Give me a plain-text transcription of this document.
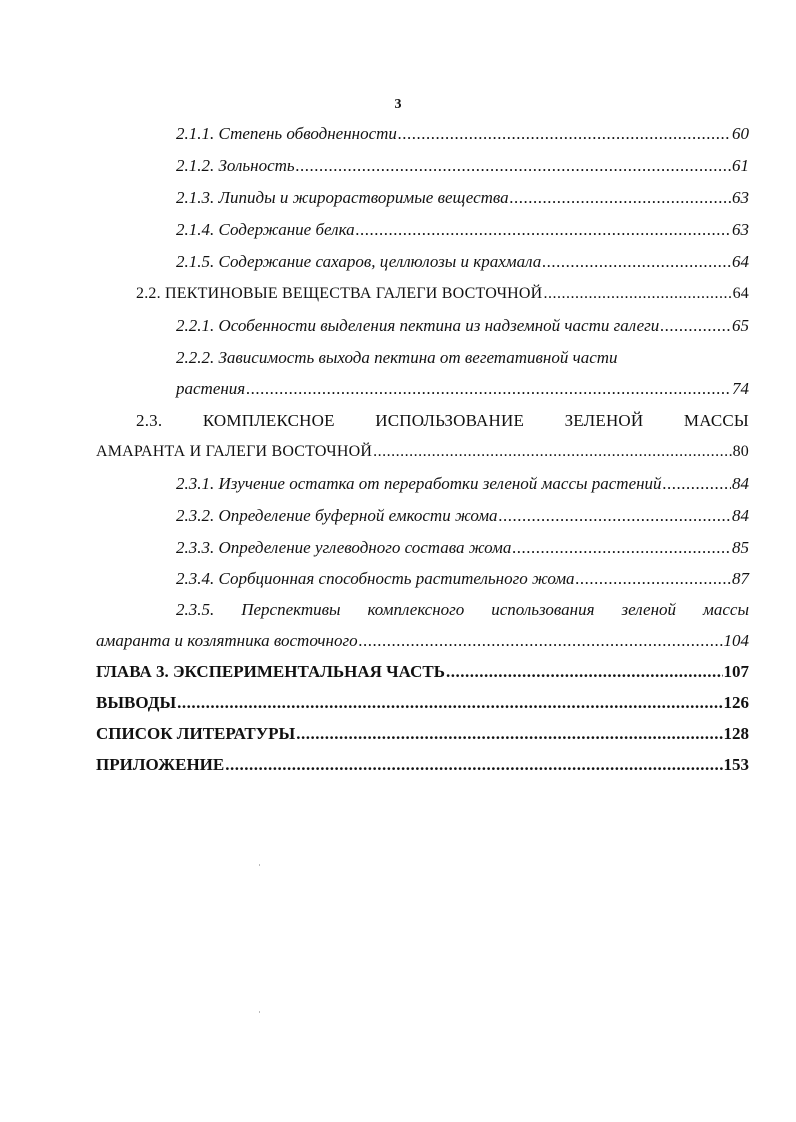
3
2.1.1. Степень обводненности .....	60
2.1.2. Зольность .....	61
2.1.3. Липиды и жирорастворимые вещества .....	63
2.1.4. Содержание белка .....	63
2.1.5. Содержание сахаров, целлюлозы и крахмала .....	64
2.2. ПЕКТИНОВЫЕ ВЕЩЕСТВА ГАЛЕГИ ВОСТОЧНОЙ .....	64
2.2.1. Особенности выделения пектина из надземной части галеги .....	65
2.2.2. Зависимость выхода пектина от вегетативной части
растения .....	74
2.3. КОМПЛЕКСНОЕ ИСПОЛЬЗОВАНИЕ ЗЕЛЕНОЙ МАССЫ
АМАРАНТА И ГАЛЕГИ ВОСТОЧНОЙ .....	80
2.3.1. Изучение остатка от переработки зеленой массы растений .....	84
2.3.2. Определение буферной емкости жома .....	84
2.3.3. Определение углеводного состава жома .....	85
2.3.4. Сорбционная способность растительного жома .....	87
2.3.5. Перспективы комплексного использования зеленой массы
амаранта и козлятника восточного .....	104
ГЛАВА 3. ЭКСПЕРИМЕНТАЛЬНАЯ ЧАСТЬ .....	107
ВЫВОДЫ .....	126
СПИСОК ЛИТЕРАТУРЫ .....	128
ПРИЛОЖЕНИЕ .....	153
